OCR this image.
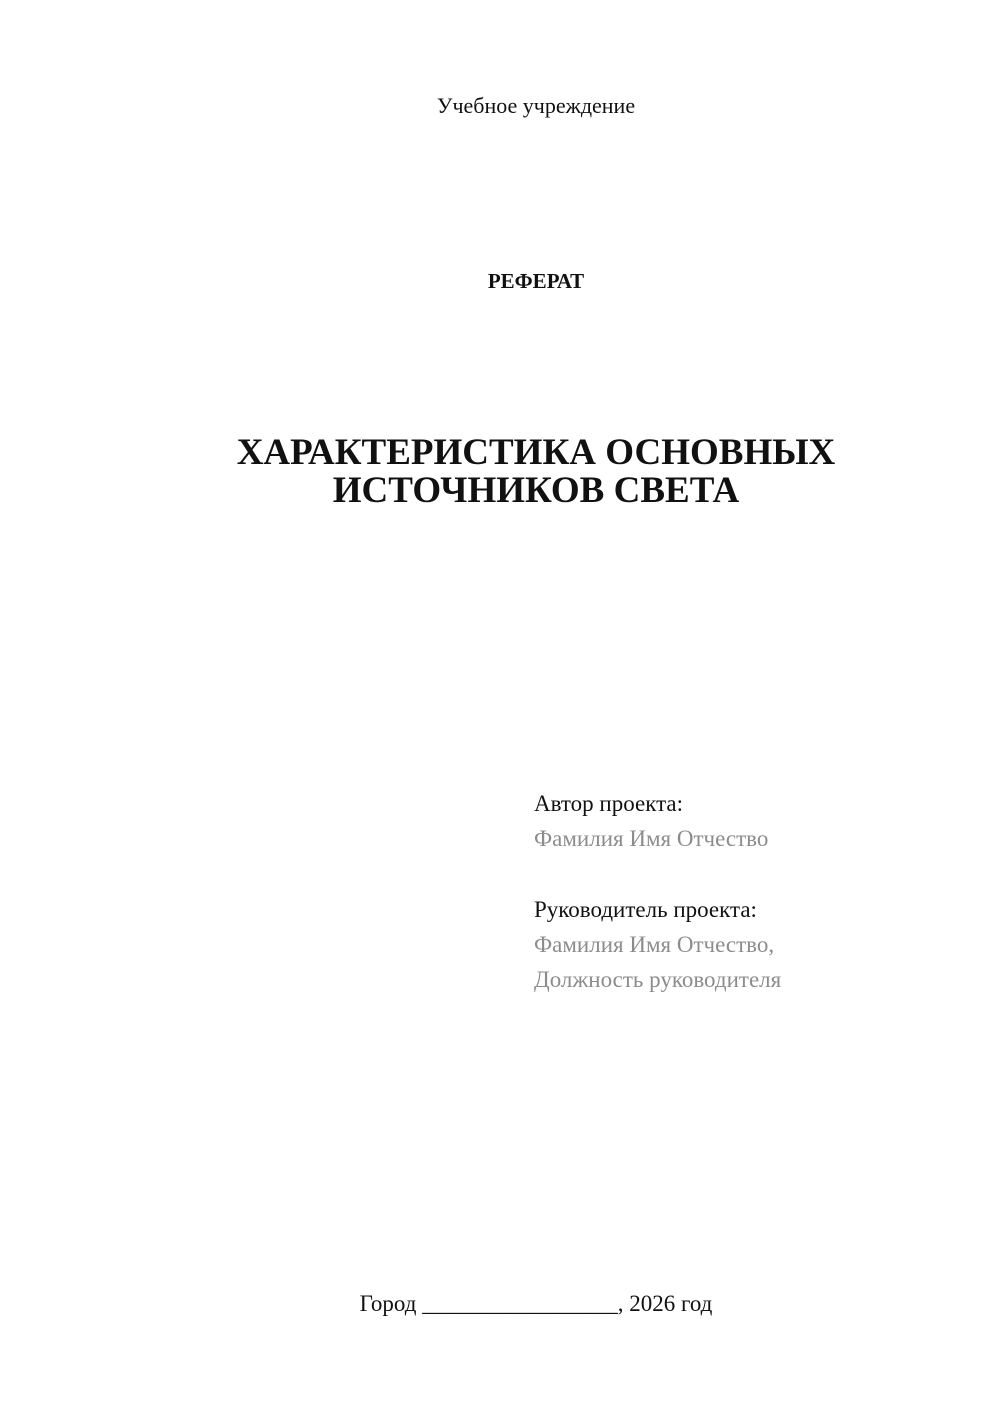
Учебное учреждение
РЕФЕРАТ
ХАРАКТЕРИСТИКА ОСНОВНЫХ
ИСТОЧНИКОВ СВЕТА
Автор проекта:
Фамилия Имя Отчество
Руководитель проекта:
Фамилия Имя Отчество,
Должность руководителя
Город _________________, 2026 год
